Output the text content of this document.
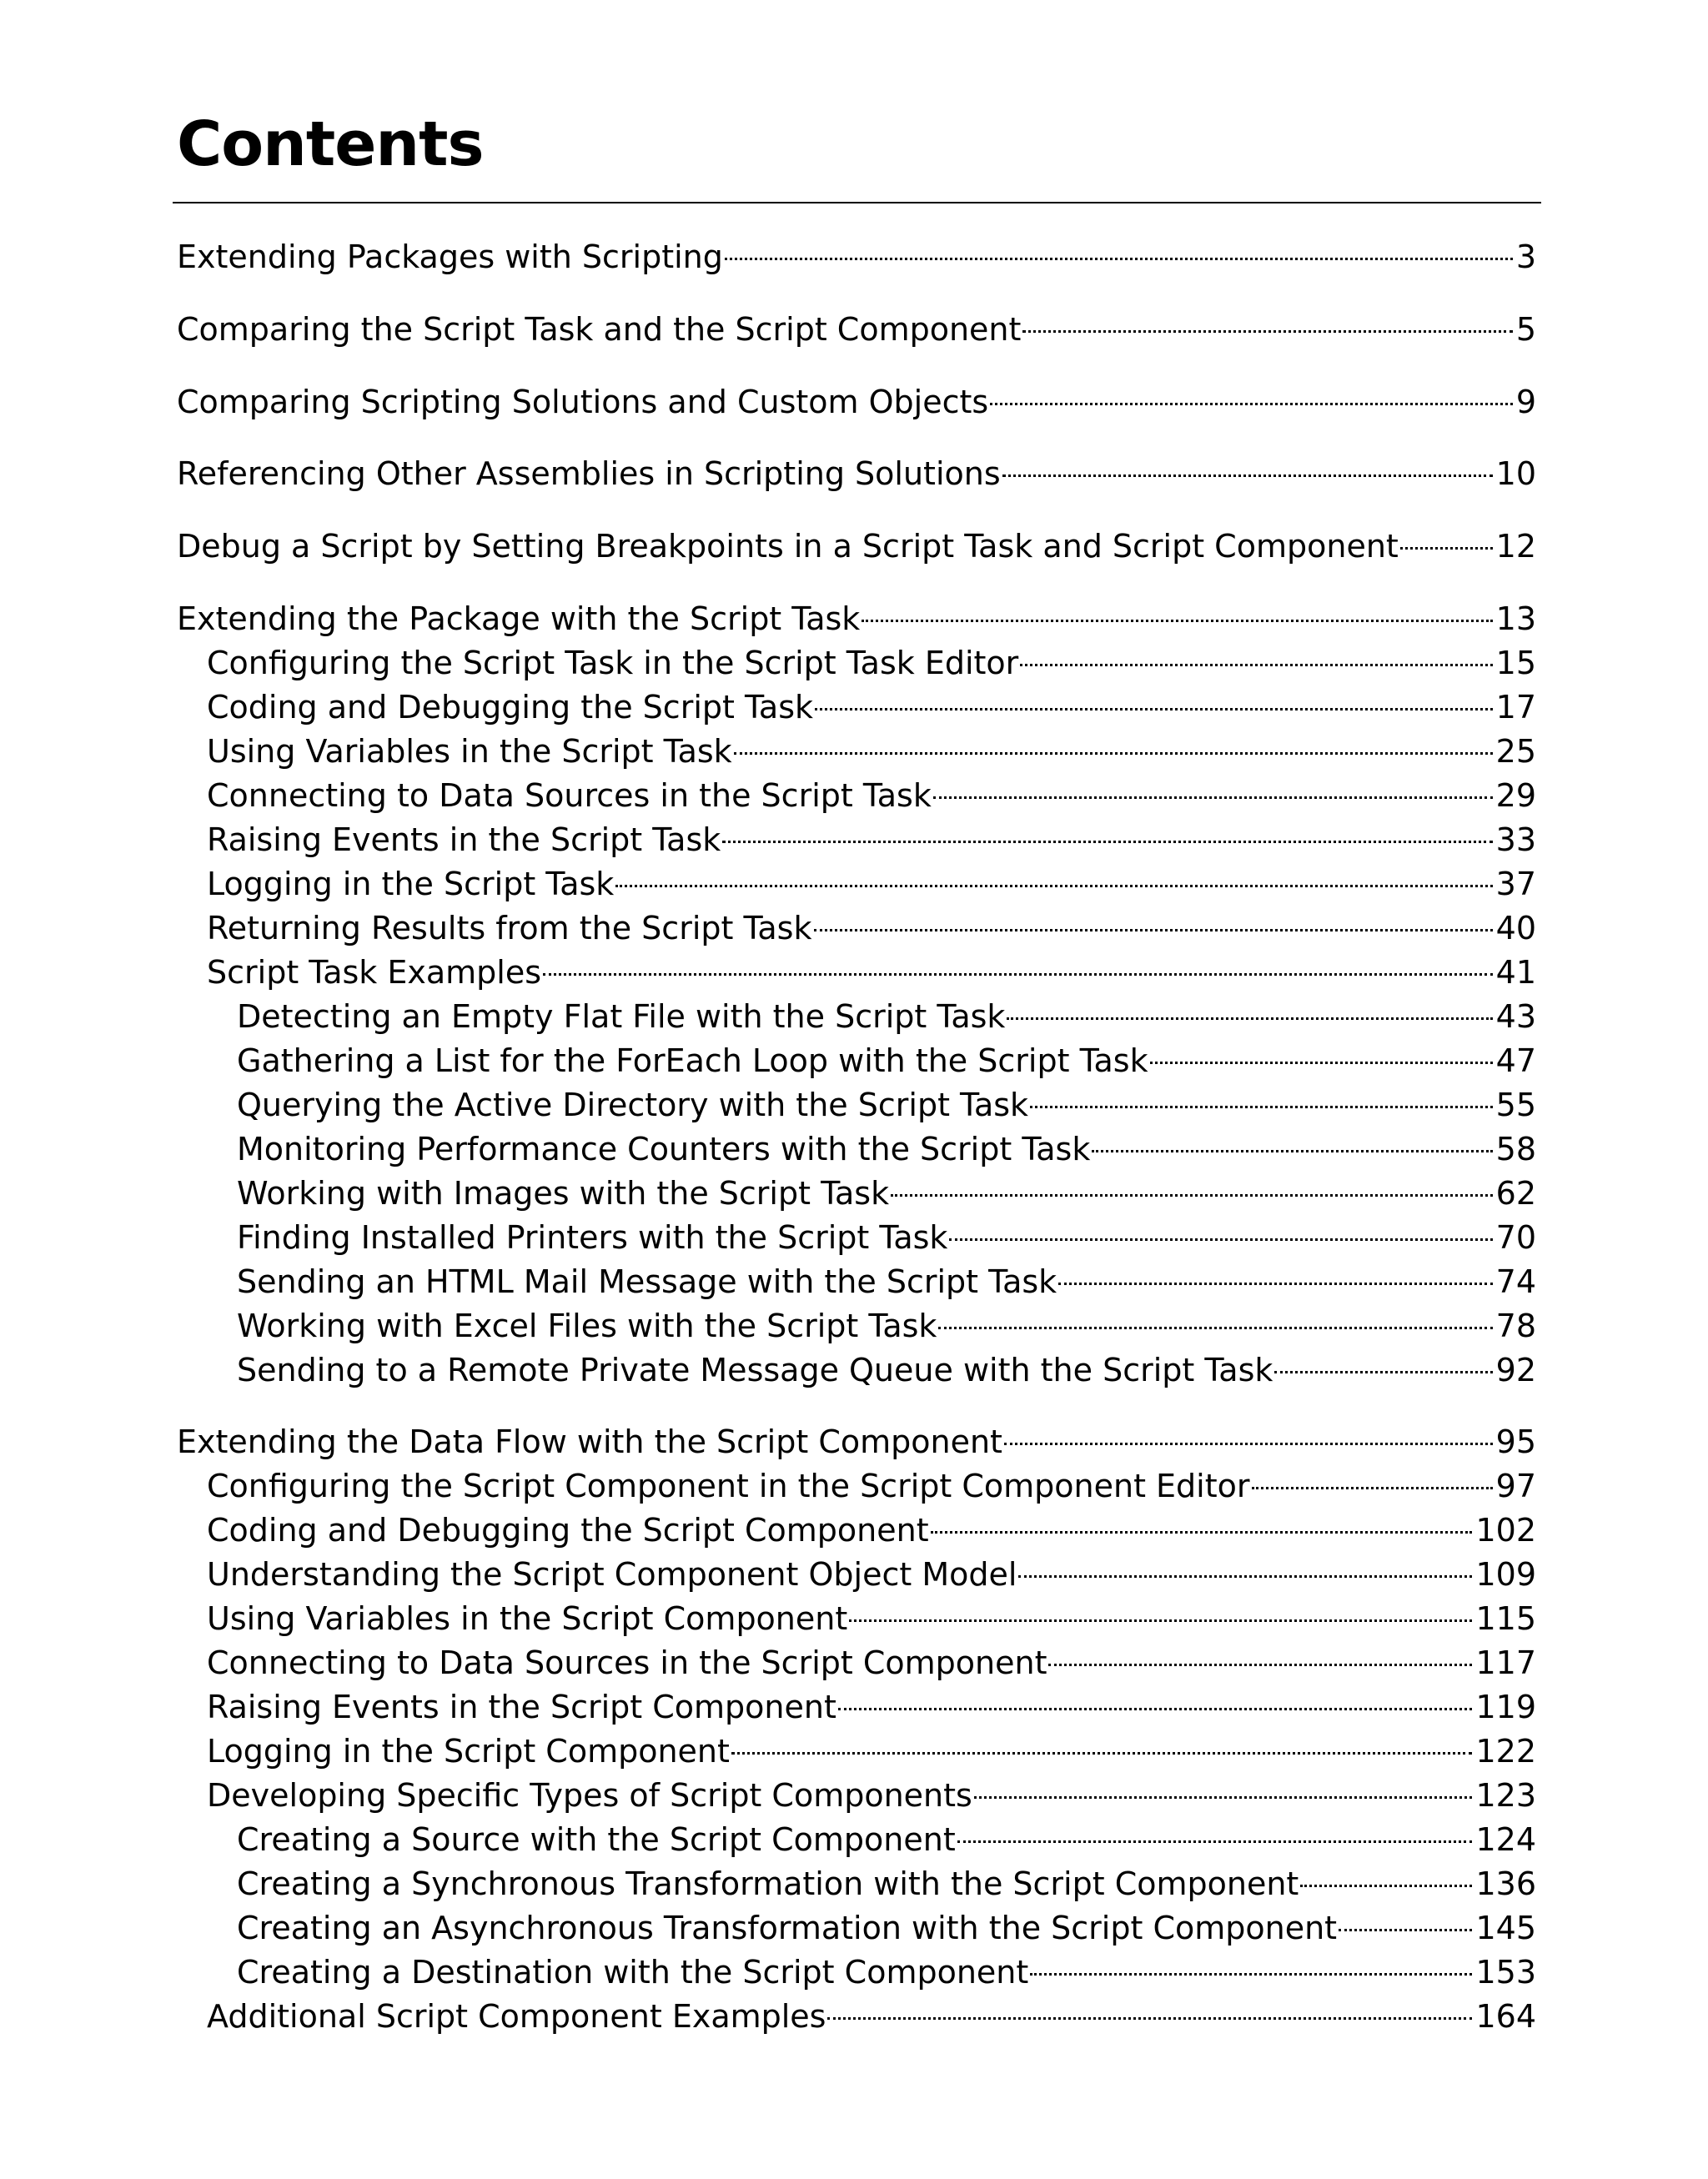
Contents
Extending Packages with Scripting	3
Comparing the Script Task and the Script Component	5
Comparing Scripting Solutions and Custom Objects	9
Referencing Other Assemblies in Scripting Solutions	10
Debug a Script by Setting Breakpoints in a Script Task and Script Component	12
Extending the Package with the Script Task	13
Configuring the Script Task in the Script Task Editor	15
Coding and Debugging the Script Task	17
Using Variables in the Script Task	25
Connecting to Data Sources in the Script Task	29
Raising Events in the Script Task	33
Logging in the Script Task	37
Returning Results from the Script Task	40
Script Task Examples	41
Detecting an Empty Flat File with the Script Task	43
Gathering a List for the ForEach Loop with the Script Task	47
Querying the Active Directory with the Script Task	55
Monitoring Performance Counters with the Script Task	58
Working with Images with the Script Task	62
Finding Installed Printers with the Script Task	70
Sending an HTML Mail Message with the Script Task	74
Working with Excel Files with the Script Task	78
Sending to a Remote Private Message Queue with the Script Task	92
Extending the Data Flow with the Script Component	95
Configuring the Script Component in the Script Component Editor	97
Coding and Debugging the Script Component	102
Understanding the Script Component Object Model	109
Using Variables in the Script Component	115
Connecting to Data Sources in the Script Component	117
Raising Events in the Script Component	119
Logging in the Script Component	122
Developing Specific Types of Script Components	123
Creating a Source with the Script Component	124
Creating a Synchronous Transformation with the Script Component	136
Creating an Asynchronous Transformation with the Script Component	145
Creating a Destination with the Script Component	153
Additional Script Component Examples	164
